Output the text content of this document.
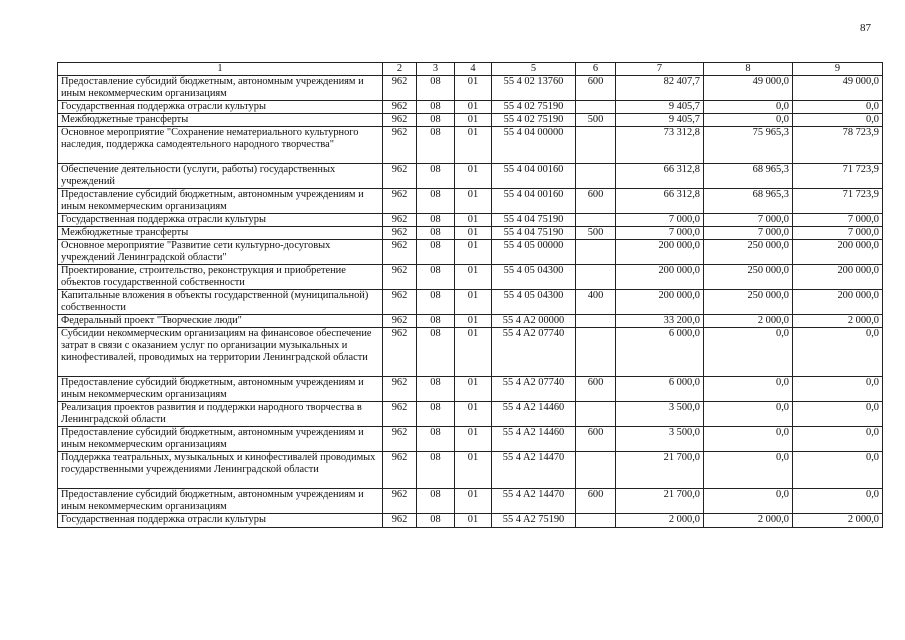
87
1	2	3	4	5	6	7	8	9
Предоставление субсидий бюджетным, автономным учреждениям и иным некоммерческим организациям	962	08	01	55 4 02 13760	600	82 407,7	49 000,0	49 000,0
Государственная поддержка отрасли культуры	962	08	01	55 4 02 75190		9 405,7	0,0	0,0
Межбюджетные трансферты	962	08	01	55 4 02 75190	500	9 405,7	0,0	0,0
Основное мероприятие "Сохранение нематериального культурного наследия, поддержка самодеятельного народного творчества"	962	08	01	55 4 04 00000		73 312,8	75 965,3	78 723,9
Обеспечение деятельности (услуги, работы) государственных учреждений	962	08	01	55 4 04 00160		66 312,8	68 965,3	71 723,9
Предоставление субсидий бюджетным, автономным учреждениям и иным некоммерческим организациям	962	08	01	55 4 04 00160	600	66 312,8	68 965,3	71 723,9
Государственная поддержка отрасли культуры	962	08	01	55 4 04 75190		7 000,0	7 000,0	7 000,0
Межбюджетные трансферты	962	08	01	55 4 04 75190	500	7 000,0	7 000,0	7 000,0
Основное мероприятие "Развитие сети культурно-досуговых учреждений Ленинградской области"	962	08	01	55 4 05 00000		200 000,0	250 000,0	200 000,0
Проектирование, строительство, реконструкция и приобретение объектов государственной собственности	962	08	01	55 4 05 04300		200 000,0	250 000,0	200 000,0
Капитальные вложения в объекты государственной (муниципальной) собственности	962	08	01	55 4 05 04300	400	200 000,0	250 000,0	200 000,0
Федеральный проект "Творческие люди"	962	08	01	55 4 A2 00000		33 200,0	2 000,0	2 000,0
Субсидии некоммерческим организациям на финансовое обеспечение затрат в связи с оказанием услуг по организации музыкальных и кинофестивалей, проводимых на территории Ленинградской области	962	08	01	55 4 A2 07740		6 000,0	0,0	0,0
Предоставление субсидий бюджетным, автономным учреждениям и иным некоммерческим организациям	962	08	01	55 4 A2 07740	600	6 000,0	0,0	0,0
Реализация проектов развития и поддержки народного творчества в Ленинградской области	962	08	01	55 4 A2 14460		3 500,0	0,0	0,0
Предоставление субсидий бюджетным, автономным учреждениям и иным некоммерческим организациям	962	08	01	55 4 A2 14460	600	3 500,0	0,0	0,0
Поддержка театральных, музыкальных и кинофестивалей проводимых государственными учреждениями Ленинградской области	962	08	01	55 4 A2 14470		21 700,0	0,0	0,0
Предоставление субсидий бюджетным, автономным учреждениям и иным некоммерческим организациям	962	08	01	55 4 A2 14470	600	21 700,0	0,0	0,0
Государственная поддержка отрасли культуры	962	08	01	55 4 A2 75190		2 000,0	2 000,0	2 000,0
